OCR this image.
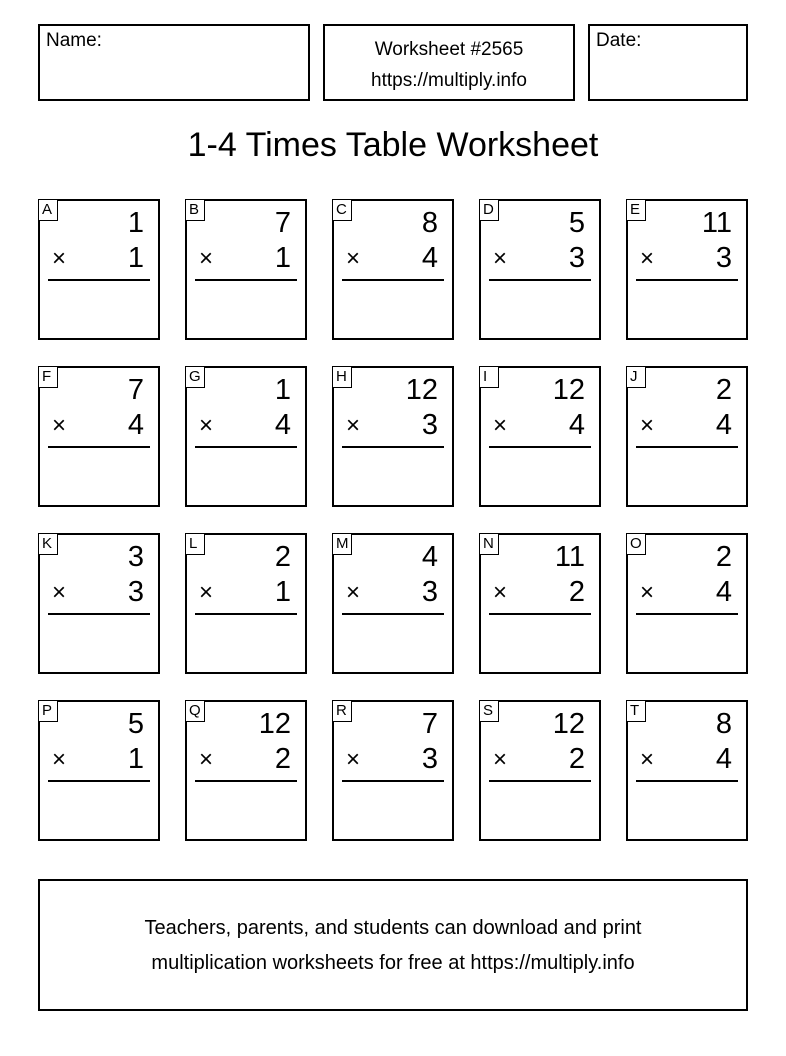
Name:	Worksheet #2565
https://multiply.info
Date:
1-4 Times Table Worksheet
A	1
× 1
B	7
× 1
C	8
× 4
D	5
× 3
E 11
× 3
F	7
× 4
G	1
× 4
H 12
× 3
I	12
× 4
J	2
× 4
K	3
× 3
L	2
× 1
M	4
× 3
N 11
× 2
O	2
× 4
P	5
× 1
Q 12
× 2
R	7
× 3
S 12
× 2
T	8
× 4
Teachers, parents, and students can download and print
multiplication worksheets for free at https://multiply.info
